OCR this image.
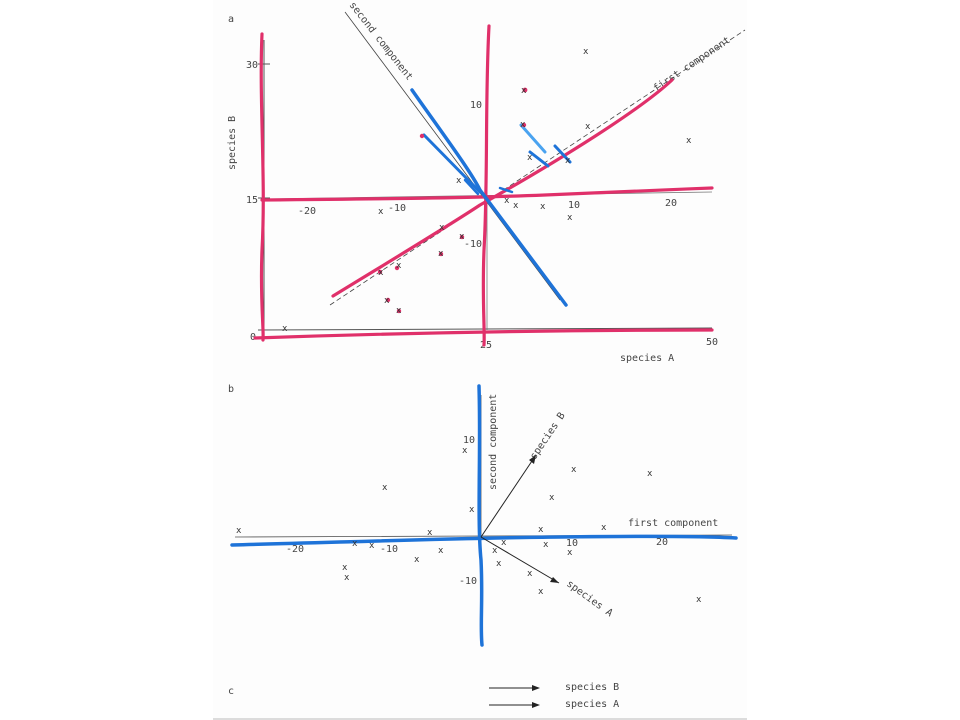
a
30
15
0
25	50
species A
species B
first component
second component
-20	-10	10	20
10
-10
x
x
x	x
x
x	x
x
x x x
x
x
x
x
x
x
x
x
x
x
b
first component
second component	species B
species A
-20	-10
10	20
10
-10
x
x	x
x
x
x
x	x	x	x
x x	x	x
x
x
x
x
x
x
x	x
x
x
c	species B
species A
